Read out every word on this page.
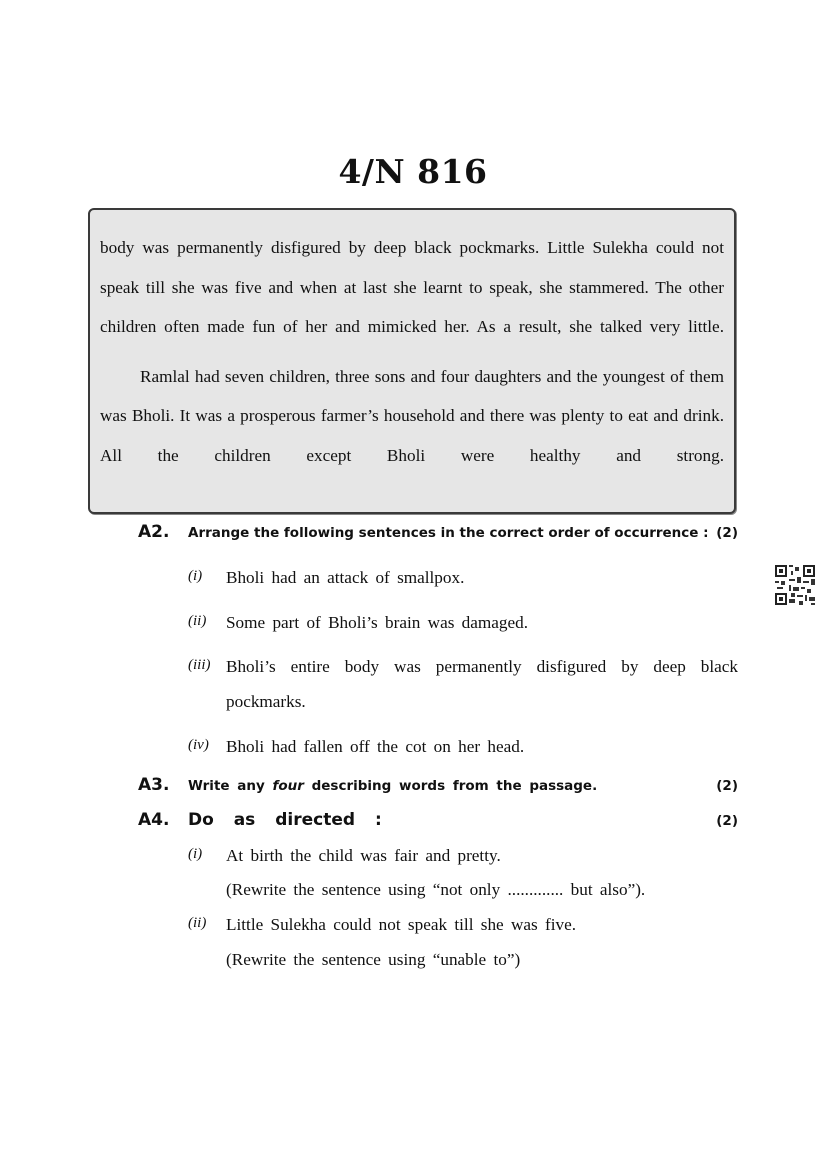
4/N 816

body was permanently disfigured by deep black pockmarks. Little Sulekha could not speak till she was five and when at last she learnt to speak, she stammered. The other children often made fun of her and mimicked her. As a result, she talked very little.

Ramlal had seven children, three sons and four daughters and the youngest of them was Bholi. It was a prosperous farmer’s household and there was plenty to eat and drink. All the children except Bholi were healthy and strong.

A2. Arrange the following sentences in the correct order of occurrence : (2)
(i) Bholi had an attack of smallpox.
(ii) Some part of Bholi’s brain was damaged.
(iii) Bholi’s entire body was permanently disfigured by deep black
pockmarks.
(iv) Bholi had fallen off the cot on her head.
A3. Write any four describing words from the passage.	(2)
A4. Do as directed :	(2)
(i) At birth the child was fair and pretty.
(Rewrite the sentence using “not only ............. but also”).
(ii) Little Sulekha could not speak till she was five.
(Rewrite the sentence using “unable to”)
